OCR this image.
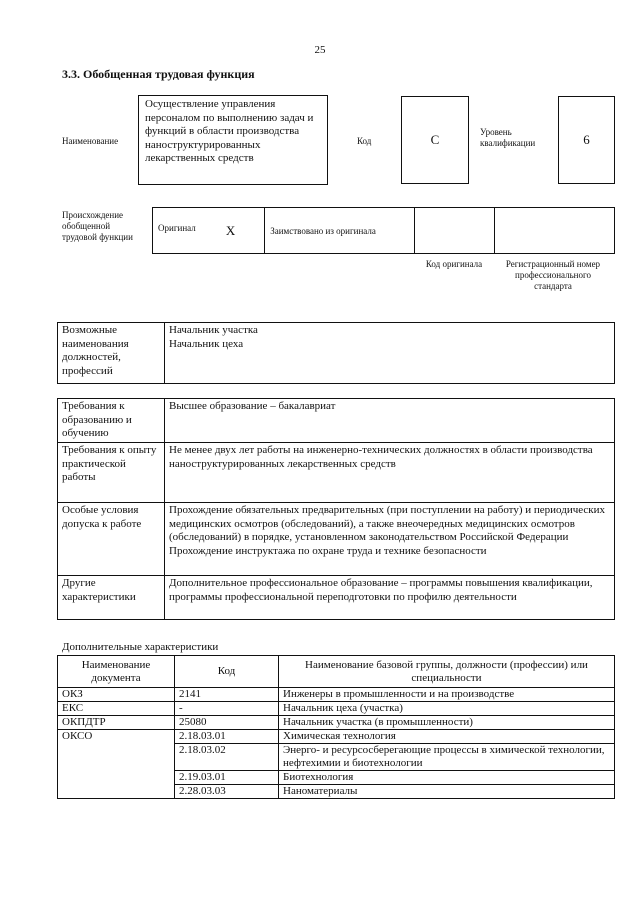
25
3.3. Обобщенная трудовая функция
Наименование
Осуществление управления персоналом по выполнению задач и функций в области производства наноструктурированных лекарственных средств
Код	C	Уровень квалификации	6
Происхождение обобщенной трудовой функции
Оригинал X	Заимствовано из оригинала		
Код оригинала	Регистрационный номер профессионального стандарта
Возможные наименования должностей, профессий	
Начальник участка
Начальник цеха
Требования к образованию и обучению	Высшее образование – бакалавриат

Требования к опыту практической работы	Не менее двух лет работы на инженерно-технических должностях в области производства наноструктурированных лекарственных средств

Особые условия допуска к работе	Прохождение обязательных предварительных (при поступлении на работу) и периодических медицинских осмотров (обследований), а также внеочередных медицинских осмотров (обследований) в порядке, установленном законодательством Российской Федерации
Прохождение инструктажа по охране труда и технике безопасности

Другие характеристики	Дополнительное профессиональное образование – программы повышения квалификации, программы профессиональной переподготовки по профилю деятельности
Дополнительные характеристики
Наименование документа	Код	Наименование базовой группы, должности (профессии) или специальности
ОКЗ	2141	Инженеры в промышленности и на производстве
ЕКС	-	Начальник цеха (участка)
ОКПДТР	25080	Начальник участка (в промышленности)
ОКСО	2.18.03.01	Химическая технология
	2.18.03.02	Энерго- и ресурсосберегающие процессы в химической технологии, нефтехимии и биотехнологии
	2.19.03.01	Биотехнология
	2.28.03.03	Наноматериалы
